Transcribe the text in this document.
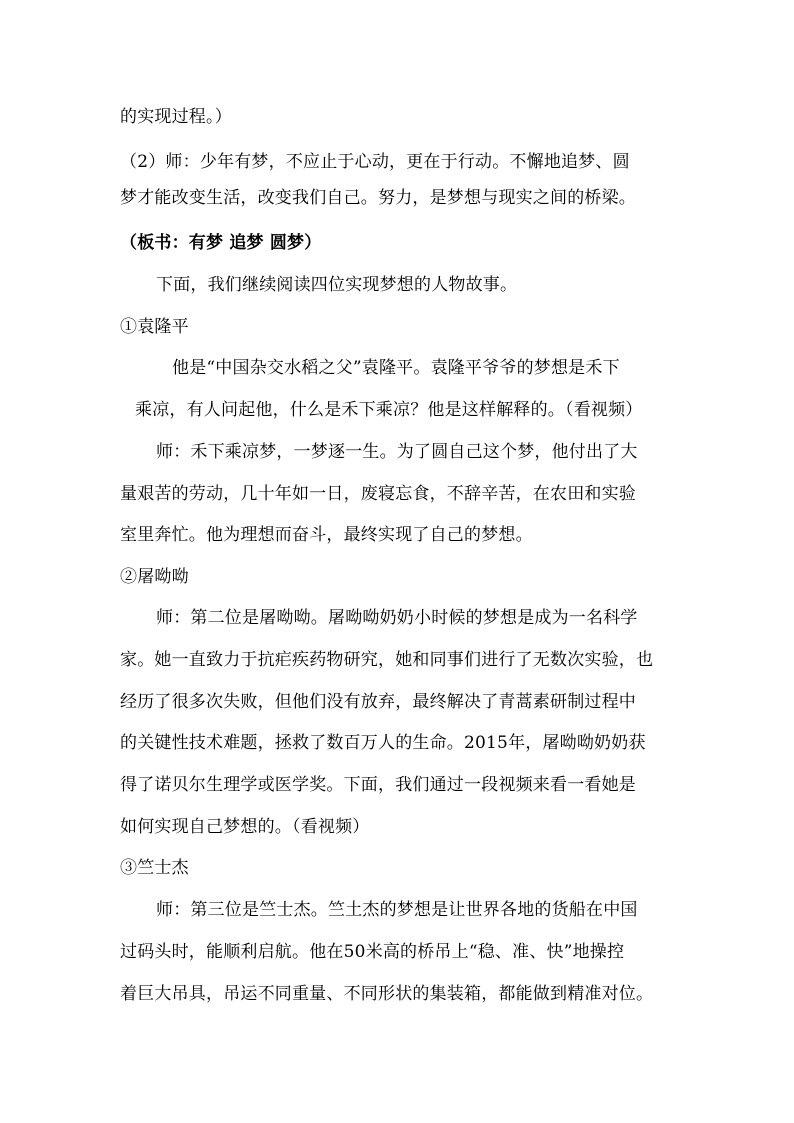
的实现过程。）
（2）师：少年有梦，不应止于心动，更在于行动。不懈地追梦、圆
梦才能改变生活，改变我们自己。努力，是梦想与现实之间的桥梁。
（板书：有梦 追梦 圆梦）
下面，我们继续阅读四位实现梦想的人物故事。
①袁隆平
他是“中国杂交水稻之父”袁隆平。袁隆平爷爷的梦想是禾下
乘凉，有人问起他，什么是禾下乘凉？他是这样解释的。（看视频）
师：禾下乘凉梦，一梦逐一生。为了圆自己这个梦，他付出了大
量艰苦的劳动，几十年如一日，废寝忘食，不辞辛苦，在农田和实验
室里奔忙。他为理想而奋斗，最终实现了自己的梦想。
②屠呦呦
师：第二位是屠呦呦。屠呦呦奶奶小时候的梦想是成为一名科学
家。她一直致力于抗疟疾药物研究，她和同事们进行了无数次实验，也
经历了很多次失败，但他们没有放弃，最终解决了青蒿素研制过程中
的关键性技术难题，拯救了数百万人的生命。2015年，屠呦呦奶奶获
得了诺贝尔生理学或医学奖。下面，我们通过一段视频来看一看她是
如何实现自己梦想的。（看视频）
③竺士杰
师：第三位是竺士杰。竺土杰的梦想是让世界各地的货船在中国
过码头时，能顺利启航。他在50米高的桥吊上“稳、准、快”地操控
着巨大吊具，吊运不同重量、不同形状的集装箱，都能做到精准对位。
